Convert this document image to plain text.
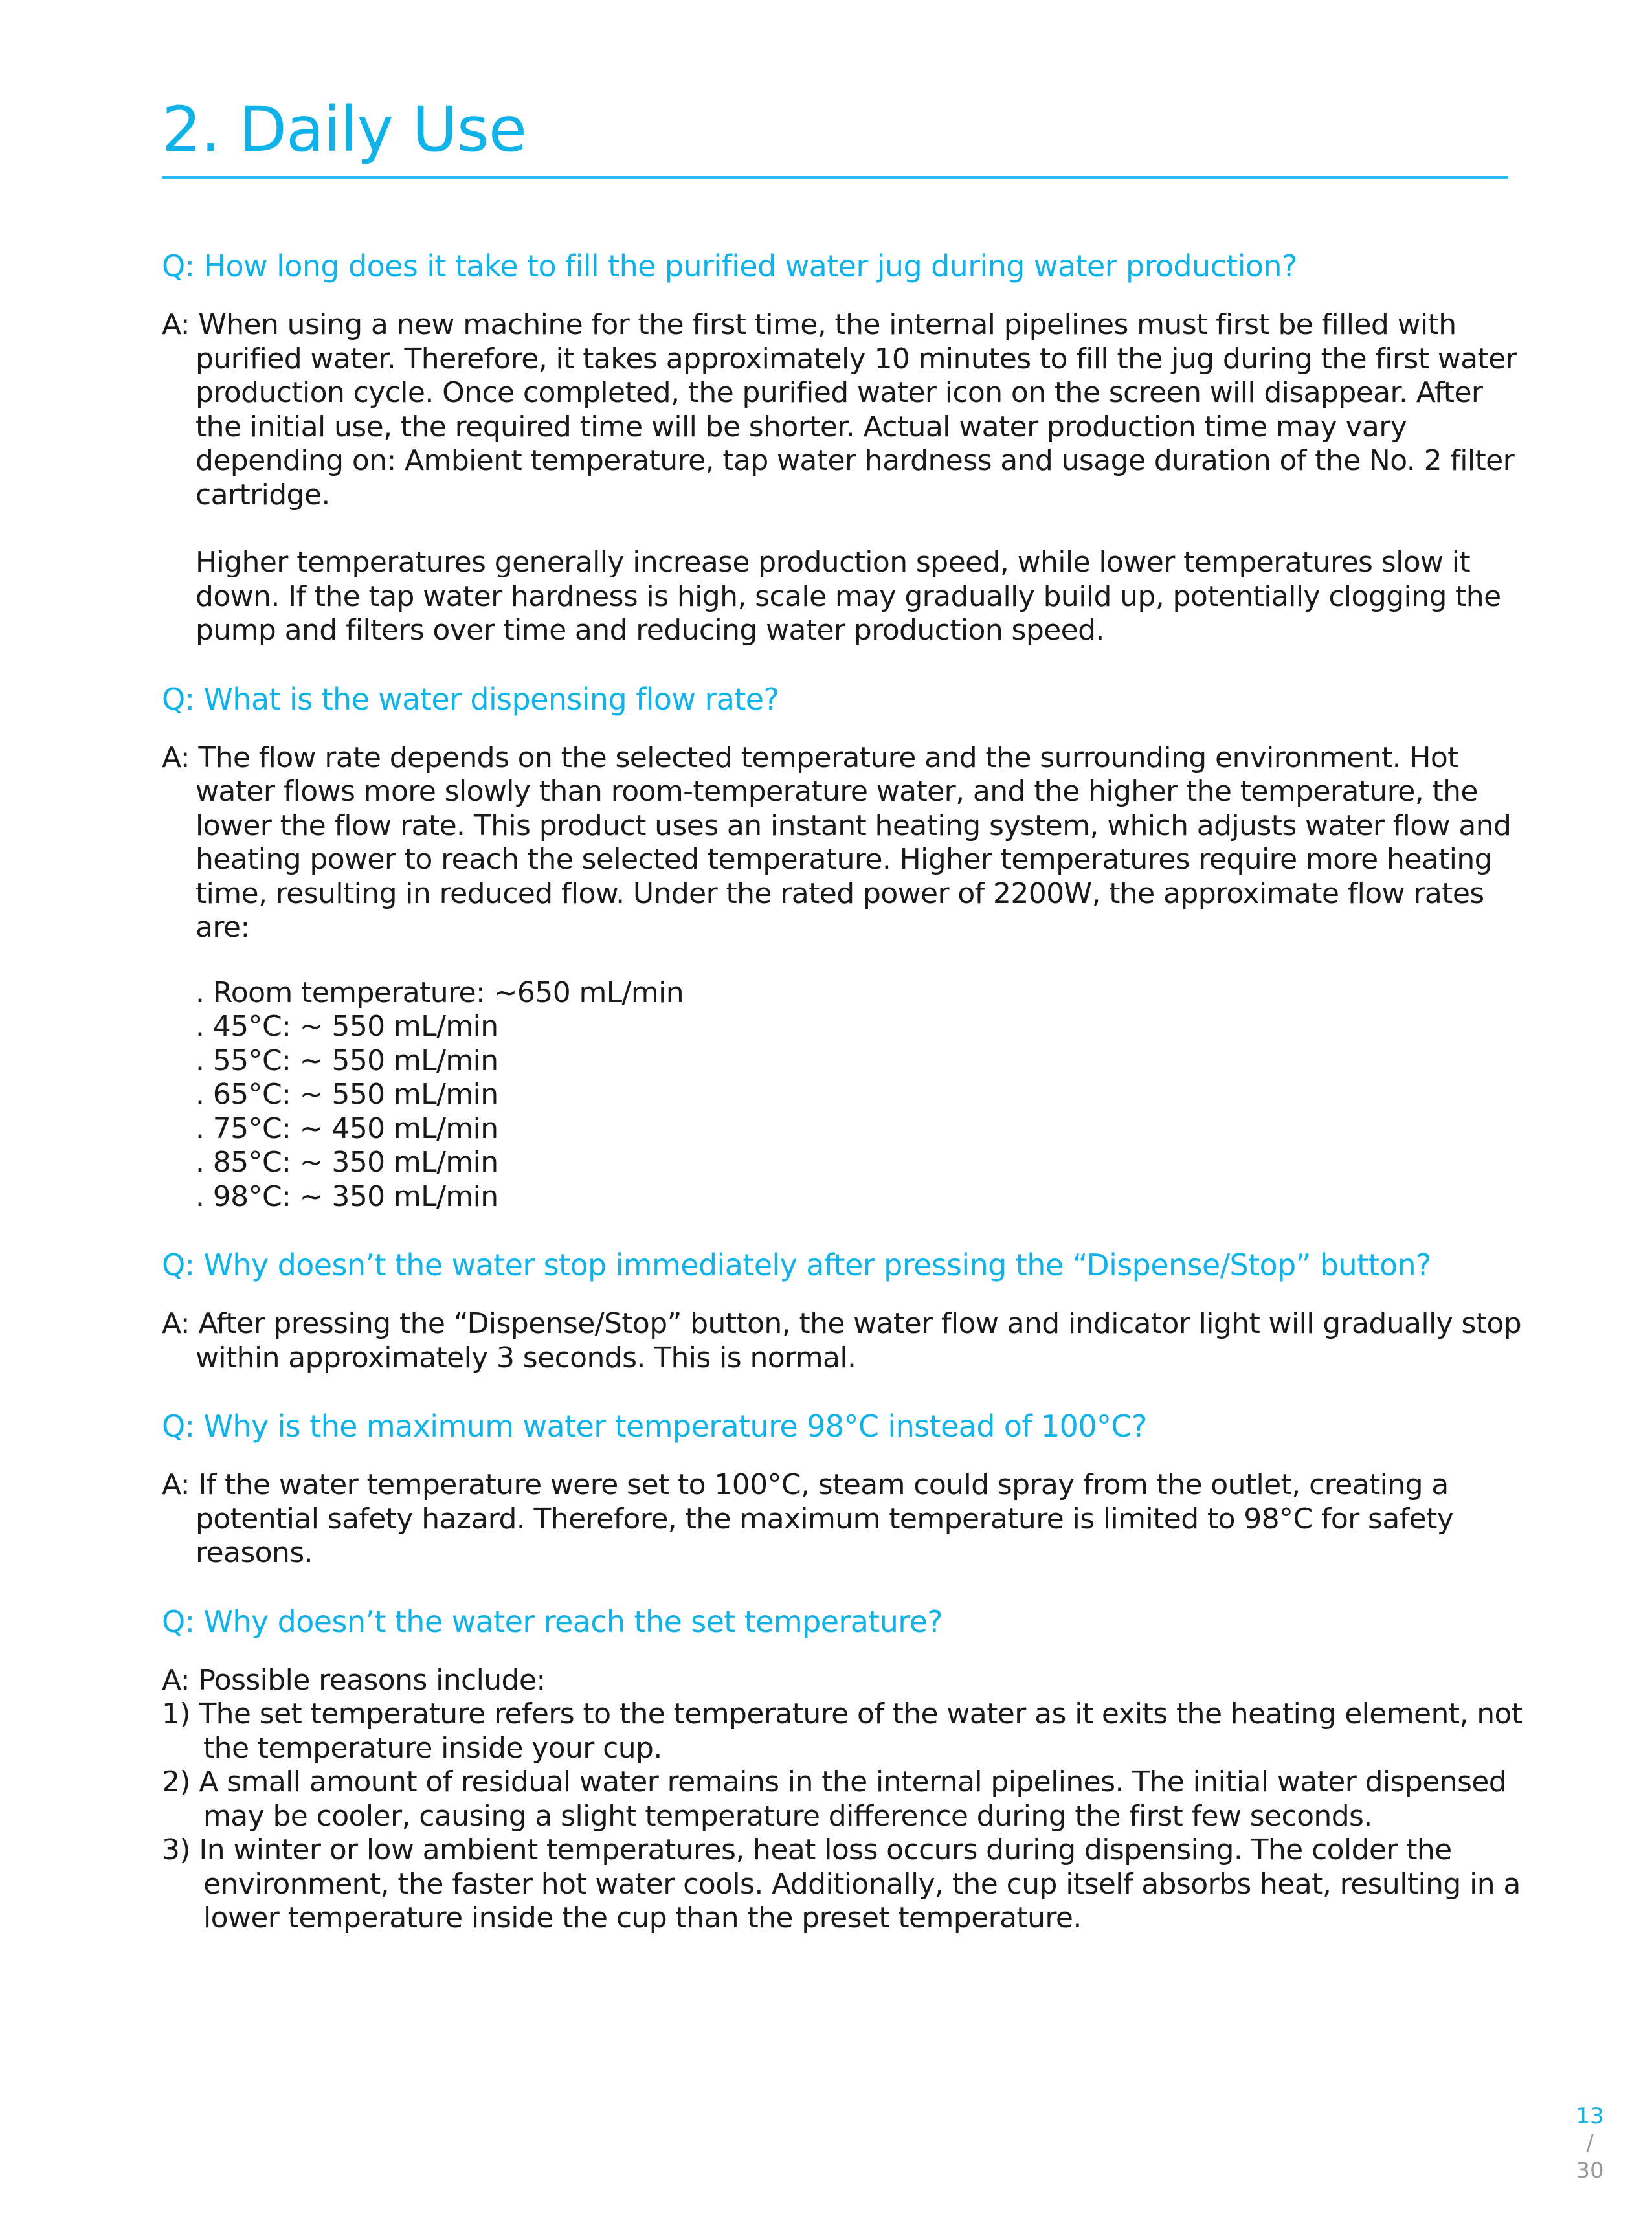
2. Daily Use

Q: How long does it take to fill the purified water jug during water production?

A: When using a new machine for the first time, the internal pipelines must first be filled with purified water. Therefore, it takes approximately 10 minutes to fill the jug during the first water production cycle. Once completed, the purified water icon on the screen will disappear. After the initial use, the required time will be shorter. Actual water production time may vary depending on: Ambient temperature, tap water hardness and usage duration of the No. 2 filter cartridge.

Higher temperatures generally increase production speed, while lower temperatures slow it down. If the tap water hardness is high, scale may gradually build up, potentially clogging the pump and filters over time and reducing water production speed.

Q: What is the water dispensing flow rate?

A: The flow rate depends on the selected temperature and the surrounding environment. Hot water flows more slowly than room-temperature water, and the higher the temperature, the lower the flow rate. This product uses an instant heating system, which adjusts water flow and heating power to reach the selected temperature. Higher temperatures require more heating time, resulting in reduced flow. Under the rated power of 2200W, the approximate flow rates are:

. Room temperature: ~650 mL/min
. 45°C: ~ 550 mL/min
. 55°C: ~ 550 mL/min
. 65°C: ~ 550 mL/min
. 75°C: ~ 450 mL/min
. 85°C: ~ 350 mL/min
. 98°C: ~ 350 mL/min

Q: Why doesn’t the water stop immediately after pressing the “Dispense/Stop” button?

A: After pressing the “Dispense/Stop” button, the water flow and indicator light will gradually stop within approximately 3 seconds. This is normal.

Q: Why is the maximum water temperature 98°C instead of 100°C?

A: If the water temperature were set to 100°C, steam could spray from the outlet, creating a potential safety hazard. Therefore, the maximum temperature is limited to 98°C for safety reasons.

Q: Why doesn’t the water reach the set temperature?

A: Possible reasons include:

1) The set temperature refers to the temperature of the water as it exits the heating element, not the temperature inside your cup.

2) A small amount of residual water remains in the internal pipelines. The initial water dispensed may be cooler, causing a slight temperature difference during the first few seconds.

3) In winter or low ambient temperatures, heat loss occurs during dispensing. The colder the environment, the faster hot water cools. Additionally, the cup itself absorbs heat, resulting in a lower temperature inside the cup than the preset temperature.

13
/
30
